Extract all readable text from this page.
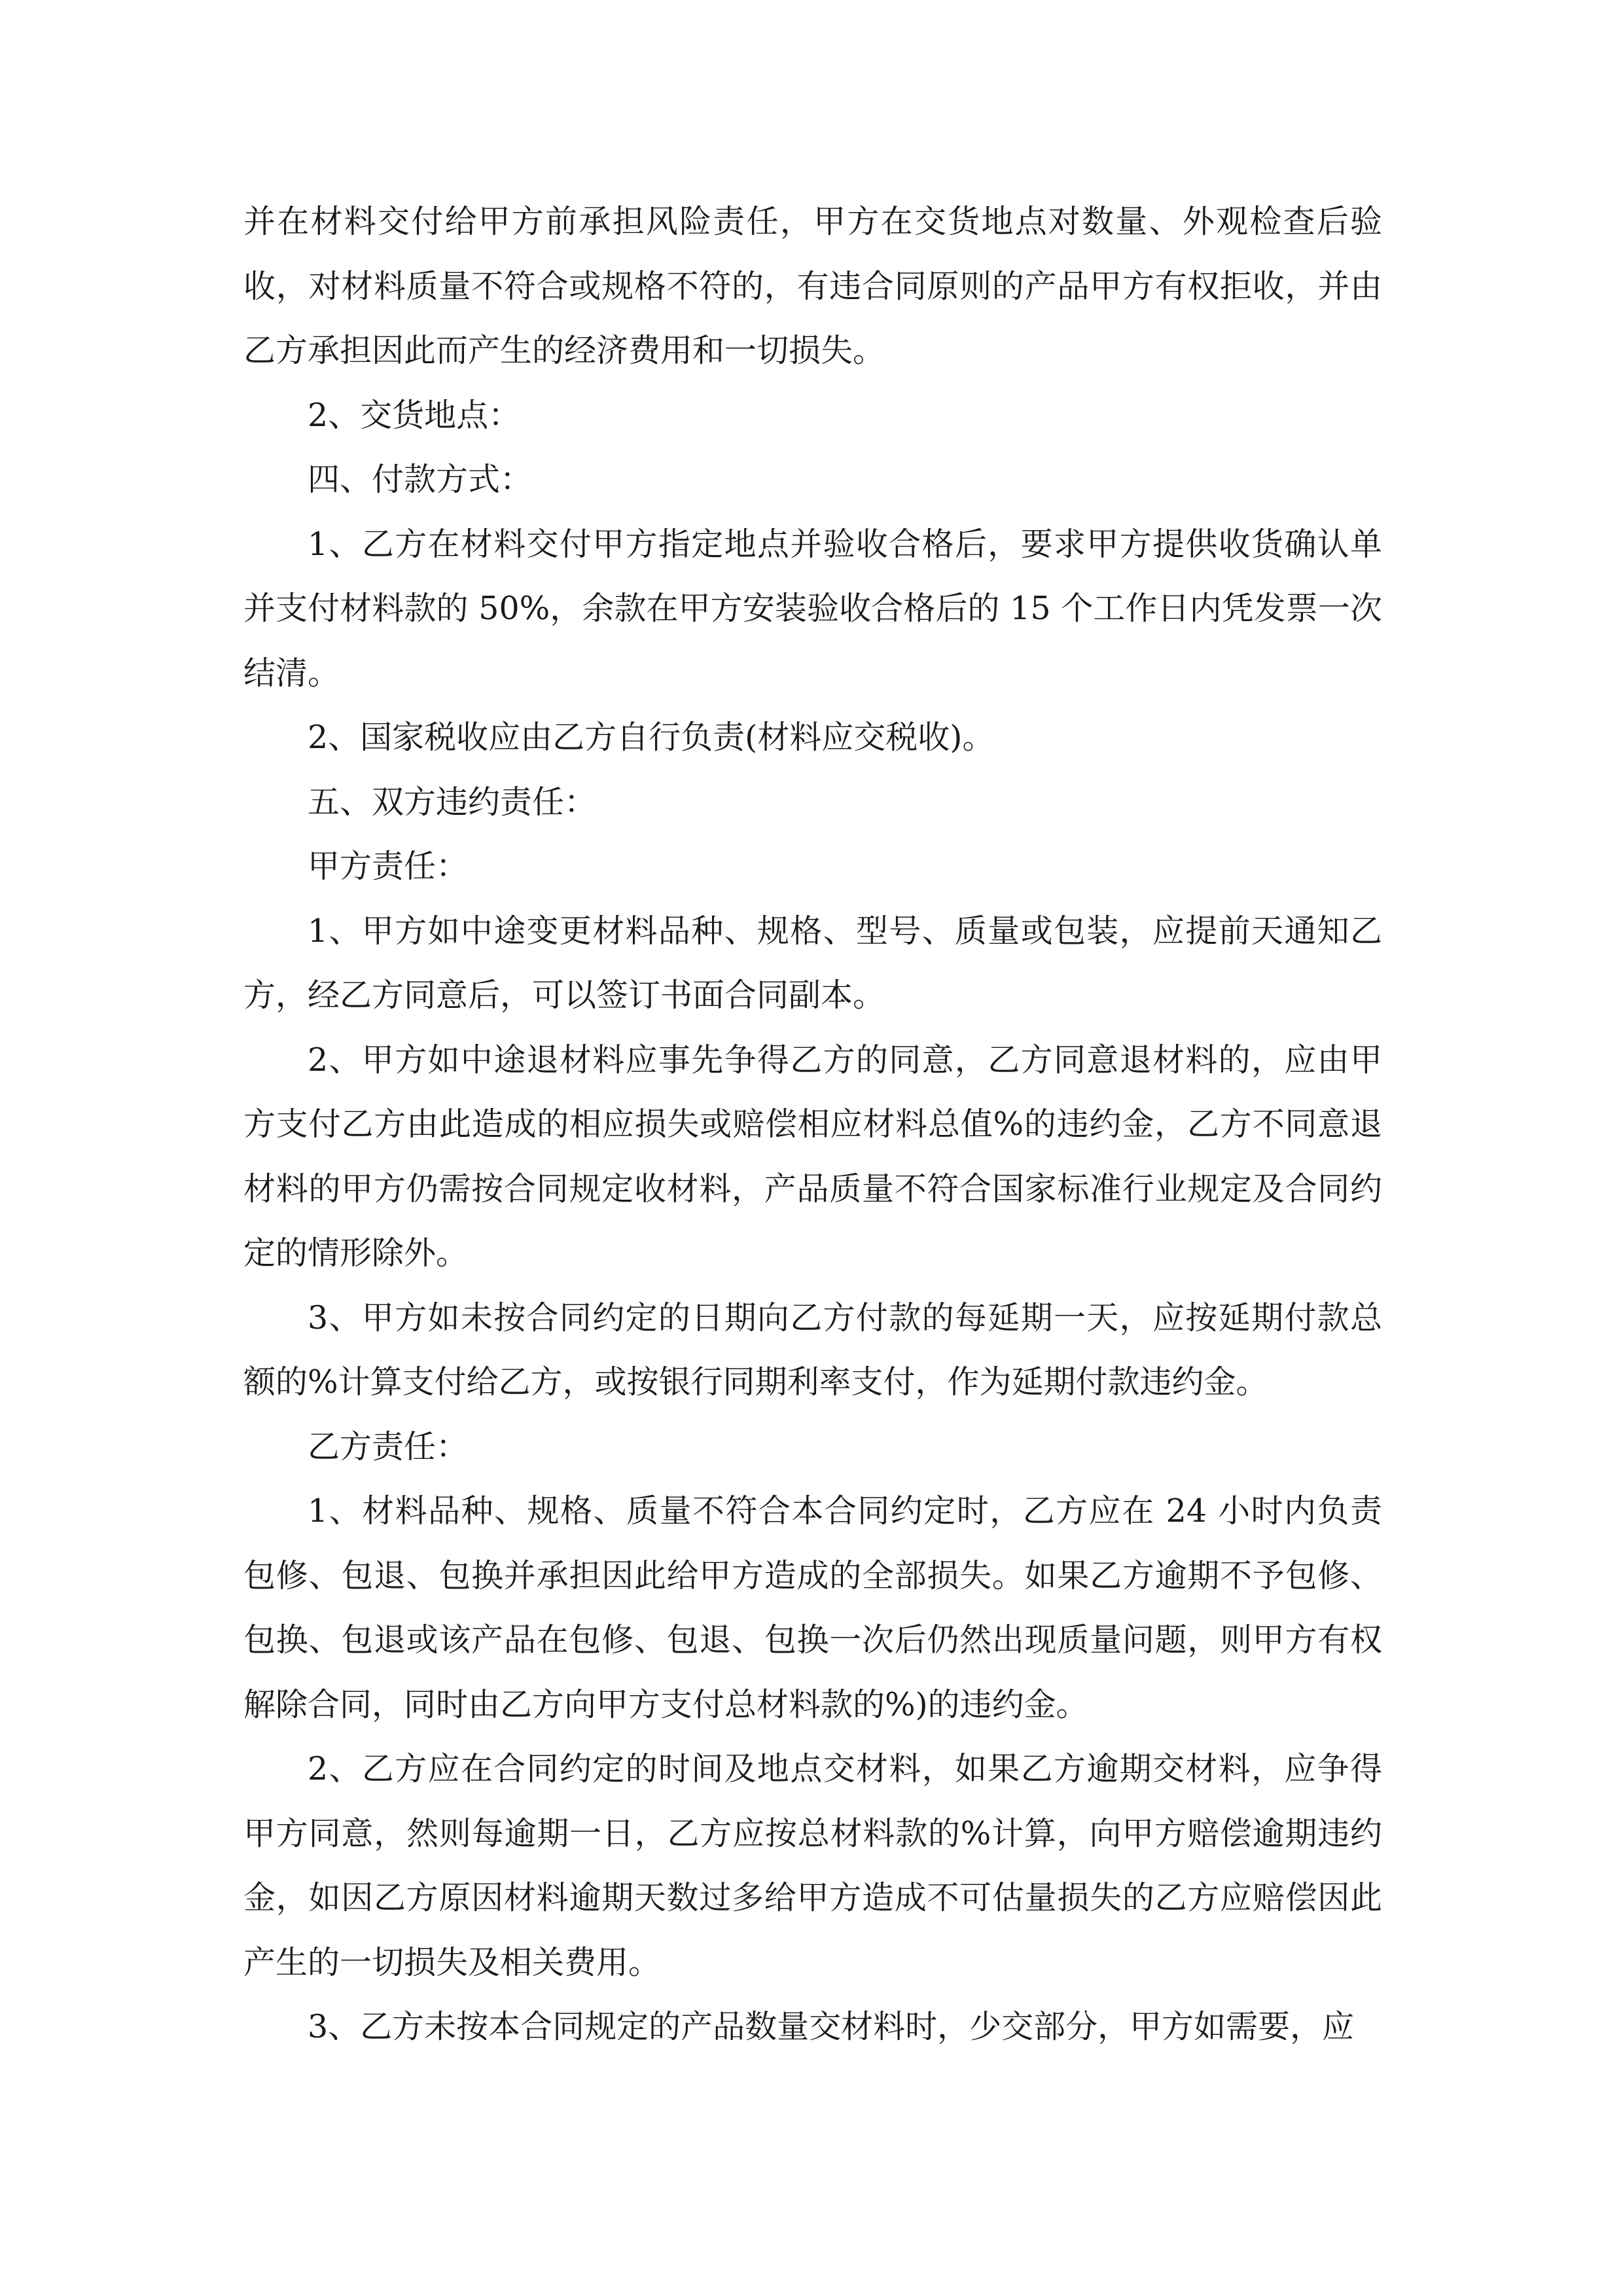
并在材料交付给甲方前承担风险责任，甲方在交货地点对数量、外观检查后验收，对材料质量不符合或规格不符的，有违合同原则的产品甲方有权拒收，并由乙方承担因此而产生的经济费用和一切损失。

2、交货地点：

四、付款方式：

1、乙方在材料交付甲方指定地点并验收合格后，要求甲方提供收货确认单并支付材料款的 50%，余款在甲方安装验收合格后的 15 个工作日内凭发票一次结清。

2、国家税收应由乙方自行负责(材料应交税收)。

五、双方违约责任：

甲方责任：

1、甲方如中途变更材料品种、规格、型号、质量或包装，应提前天通知乙方，经乙方同意后，可以签订书面合同副本。

2、甲方如中途退材料应事先争得乙方的同意，乙方同意退材料的，应由甲方支付乙方由此造成的相应损失或赔偿相应材料总值%的违约金，乙方不同意退材料的甲方仍需按合同规定收材料，产品质量不符合国家标准行业规定及合同约定的情形除外。

3、甲方如未按合同约定的日期向乙方付款的每延期一天，应按延期付款总额的%计算支付给乙方，或按银行同期利率支付，作为延期付款违约金。

乙方责任：

1、材料品种、规格、质量不符合本合同约定时，乙方应在 24 小时内负责包修、包退、包换并承担因此给甲方造成的全部损失。如果乙方逾期不予包修、包换、包退或该产品在包修、包退、包换一次后仍然出现质量问题，则甲方有权解除合同，同时由乙方向甲方支付总材料款的%)的违约金。

2、乙方应在合同约定的时间及地点交材料，如果乙方逾期交材料，应争得甲方同意，然则每逾期一日，乙方应按总材料款的%计算，向甲方赔偿逾期违约金，如因乙方原因材料逾期天数过多给甲方造成不可估量损失的乙方应赔偿因此产生的一切损失及相关费用。

3、乙方未按本合同规定的产品数量交材料时，少交部分，甲方如需要，应
